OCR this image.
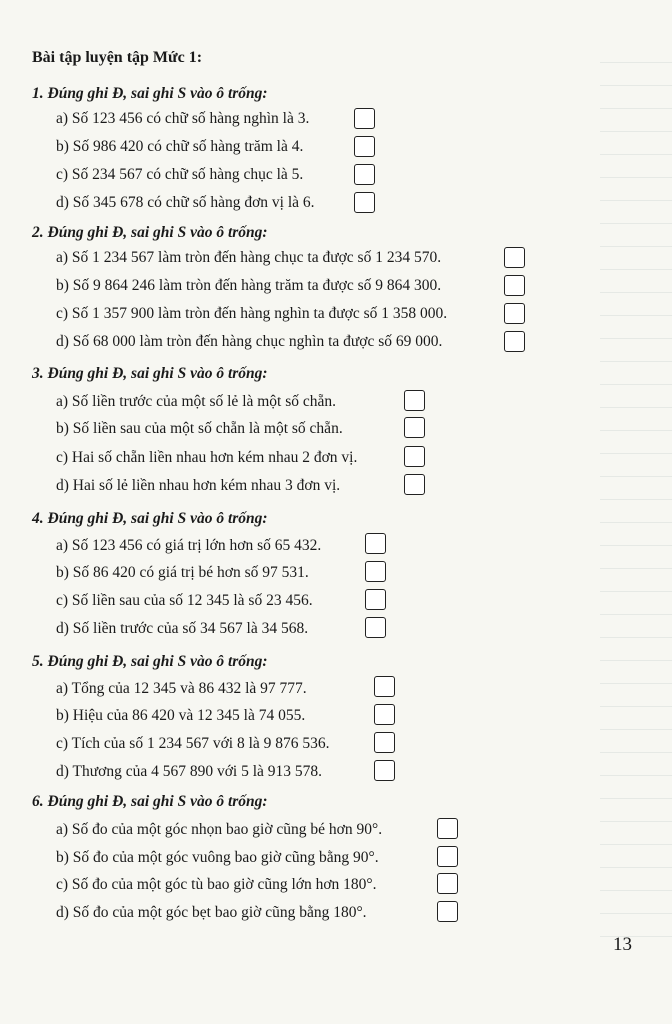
Bài tập luyện tập Mức 1:
1. Đúng ghi Đ, sai ghi S vào ô trống:
a) Số 123 456 có chữ số hàng nghìn là 3.
b) Số 986 420 có chữ số hàng trăm là 4.
c) Số 234 567 có chữ số hàng chục là 5.
d) Số 345 678 có chữ số hàng đơn vị là 6.
2. Đúng ghi Đ, sai ghi S vào ô trống:
a) Số 1 234 567 làm tròn đến hàng chục ta được số 1 234 570.
b) Số 9 864 246 làm tròn đến hàng trăm ta được số 9 864 300.
c) Số 1 357 900 làm tròn đến hàng nghìn ta được số 1 358 000.
d) Số 68 000 làm tròn đến hàng chục nghìn ta được số 69 000.
3. Đúng ghi Đ, sai ghi S vào ô trống:
a) Số liền trước của một số lẻ là một số chẵn.
b) Số liền sau của một số chẵn là một số chẵn.
c) Hai số chẵn liền nhau hơn kém nhau 2 đơn vị.
d) Hai số lẻ liền nhau hơn kém nhau 3 đơn vị.
4. Đúng ghi Đ, sai ghi S vào ô trống:
a) Số 123 456 có giá trị lớn hơn số 65 432.
b) Số 86 420 có giá trị bé hơn số 97 531.
c) Số liền sau của số 12 345 là số 23 456.
d) Số liền trước của số 34 567 là 34 568.
5. Đúng ghi Đ, sai ghi S vào ô trống:
a) Tổng của 12 345 và 86 432 là 97 777.
b) Hiệu của 86 420 và 12 345 là 74 055.
c) Tích của số 1 234 567 với 8 là 9 876 536.
d) Thương của 4 567 890 với 5 là 913 578.
6. Đúng ghi Đ, sai ghi S vào ô trống:
a) Số đo của một góc nhọn bao giờ cũng bé hơn 90°.
b) Số đo của một góc vuông bao giờ cũng bằng 90°.
c) Số đo của một góc tù bao giờ cũng lớn hơn 180°.
d) Số đo của một góc bẹt bao giờ cũng bằng 180°.
13
